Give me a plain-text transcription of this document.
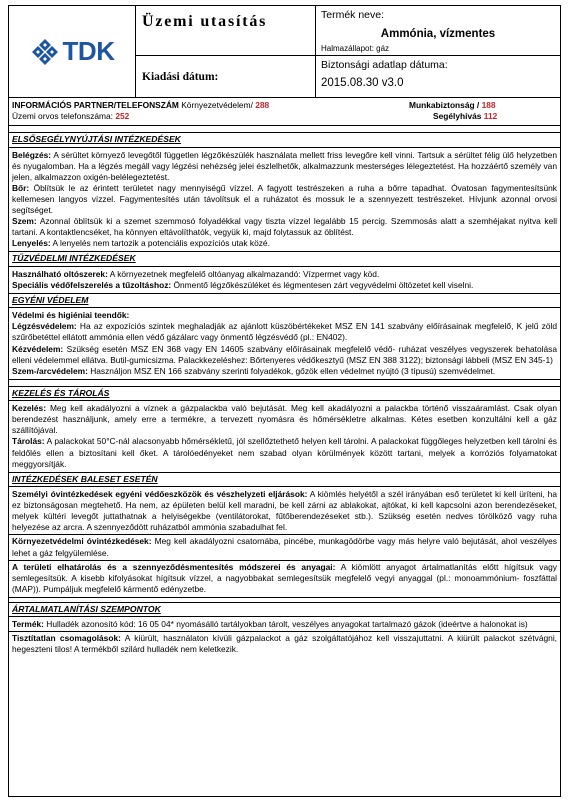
TDK
Üzemi utasítás
Kiadási dátum:
Termék neve:
Ammónia, vízmentes
Halmazállapot: gáz
Biztonsági adatlap dátuma:
2015.08.30 v3.0
INFORMÁCIÓS PARTNER/TELEFONSZÁM Környezetvédelem/ 288	Munkabiztonság / 188
Üzemi orvos telefonszáma: 252	Segélyhívás 112
ELSŐSEGÉLYNYÚJTÁSI INTÉZKEDÉSEK

Belégzés: A sérültet környező levegőtől független légzőkészülék használata mellett friss levegőre kell vinni. Tartsuk a sérültet félig ülő helyzetben és nyugalomban. Ha a légzés megáll vagy légzési nehézség jelei észlelhetők, alkalmazzunk mesterséges lélegeztetést. Ha hozzáértő személy van jelen, alkalmazzon oxigén-belélegeztetést.

Bőr: Öblítsük le az érintett területet nagy mennyiségű vízzel. A fagyott testrészeken a ruha a bőrre tapadhat. Óvatosan fagymentesítsünk kellemesen langyos vízzel. Fagymentesítés után távolítsuk el a ruházatot és mossuk le a szennyezett testrészeket. Hívjunk azonnal orvosi segítséget.

Szem: Azonnal öblítsük ki a szemet szemmosó folyadékkal vagy tiszta vízzel legalább 15 percig. Szemmosás alatt a szemhéjakat nyitva kell tartani. A kontaktlencséket, ha könnyen eltávolíthatók, vegyük ki, majd folytassuk az öblítést.

Lenyelés: A lenyelés nem tartozik a potenciális expozíciós utak közé.

TŰZVÉDELMI INTÉZKEDÉSEK

Használható oltószerek: A környezetnek megfelelő oltóanyag alkalmazandó: Vízpermet vagy köd.

Speciális védőfelszerelés a tűzoltáshoz: Önmentő légzőkészüléket és légmentesen zárt vegyvédelmi öltözetet kell viselni.

EGYÉNI VÉDELEM

Védelmi és higiéniai teendők:

Légzésvédelem: Ha az expozíciós szintek meghaladják az ajánlott küszöbértékeket MSZ EN 141 szabvány előírásainak megfelelő, K jelű zöld szűrőbetéttel ellátott ammónia ellen védő gázálarc vagy önmentő légzésvédő (pl.: EN402).

Kézvédelem: Szükség esetén MSZ EN 368 vagy EN 14605 szabvány előírásainak megfelelő védő- ruházat veszélyes vegyszerek behatolása elleni védelemmel ellátva. Butil-gumicsizma. Palackkezeléshez: Bőrtenyeres védőkesztyű (MSZ EN 388 3122); biztonsági lábbeli (MSZ EN 345-1)

Szem-/arcvédelem: Használjon MSZ EN 166 szabvány szerinti folyadékok, gőzök ellen védelmet nyújtó (3 típusú) szemvédelmet.

KEZELÉS ÉS TÁROLÁS

Kezelés: Meg kell akadályozni a víznek a gázpalackba való bejutását. Meg kell akadályozni a palackba történő visszaáramlást. Csak olyan berendezést használjunk, amely erre a termékre, a tervezett nyomásra és hőmérsékletre alkalmas. Kétes esetben konzultálni kell a gáz szállítójával.

Tárolás: A palackokat 50°C-nál alacsonyabb hőmérsékletű, jól szellőztethető helyen kell tárolni. A palackokat függőleges helyzetben kell tárolni és feldőlés ellen a biztosítani kell őket. A tárolóedényeket nem szabad olyan körülmények között tartani, melyek a korróziós folyamatokat meggyorsítják.

INTÉZKEDÉSEK BALESET ESETÉN

Személyi óvintézkedések egyéni védőeszközök és vészhelyzeti eljárások: A kiömlés helyétől a szél irányában eső területet ki kell üríteni, ha ez biztonságosan megtehető. Ha nem, az épületen belül kell maradni, be kell zárni az ablakokat, ajtókat, ki kell kapcsolni azon berendezéseket, melyek kültéri levegőt juttathatnak a helyiségekbe (ventilátorokat, fűtőberendezéseket stb.). Szükség esetén nedves törölköző vagy ruha helyezése az arcra. A szennyeződött ruházatból ammónia szabadulhat fel.

Környezetvédelmi óvintézkedések: Meg kell akadályozni csatornába, pincébe, munkagödörbe vagy más helyre való bejutását, ahol veszélyes lehet a gáz felgyülemlése.

A területi elhatárolás és a szennyeződésmentesítés módszerei és anyagai: A kiömlött anyagot ártalmatlanítás előtt hígítsuk vagy semlegesítsük. A kisebb kifolyásokat hígítsuk vízzel, a nagyobbakat semlegesítsük megfelelő vegyi anyaggal (pl.: monoammónium- foszfáttal (MAP)). Pumpáljuk megfelelő kármentő edényzetbe.

ÁRTALMATLANÍTÁSI SZEMPONTOK

Termék: Hulladék azonosító kód: 16 05 04* nyomásálló tartályokban tárolt, veszélyes anyagokat tartalmazó gázok (ideértve a halonokat is)

Tisztítatlan csomagolások: A kiürült, használaton kívüli gázpalackot a gáz szolgáltatójához kell visszajuttatni. A kiürült palackot szétvágni, hegeszteni tilos! A termékből szilárd hulladék nem keletkezik.
